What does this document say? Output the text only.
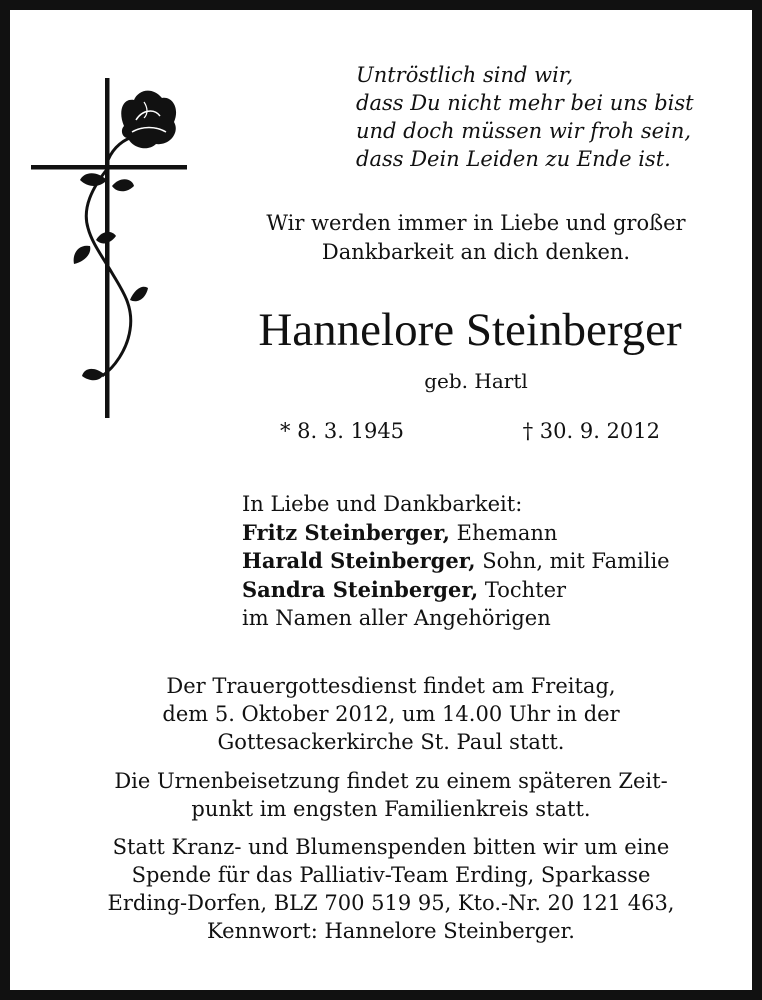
Untröstlich sind wir,
dass Du nicht mehr bei uns bist
und doch müssen wir froh sein,
dass Dein Leiden zu Ende ist.
Wir werden immer in Liebe und großer
Dankbarkeit an dich denken.
Hannelore Steinberger
geb. Hartl
* 8. 3. 1945	† 30. 9. 2012
In Liebe und Dankbarkeit:
Fritz Steinberger, Ehemann
Harald Steinberger, Sohn, mit Familie
Sandra Steinberger, Tochter
im Namen aller Angehörigen
Der Trauergottesdienst findet am Freitag,
dem 5. Oktober 2012, um 14.00 Uhr in der
Gottesackerkirche St. Paul statt.
Die Urnenbeisetzung findet zu einem späteren Zeit-
punkt im engsten Familienkreis statt.
Statt Kranz- und Blumenspenden bitten wir um eine
Spende für das Palliativ-Team Erding, Sparkasse
Erding-Dorfen, BLZ 700 519 95, Kto.-Nr. 20 121 463,
Kennwort: Hannelore Steinberger.
